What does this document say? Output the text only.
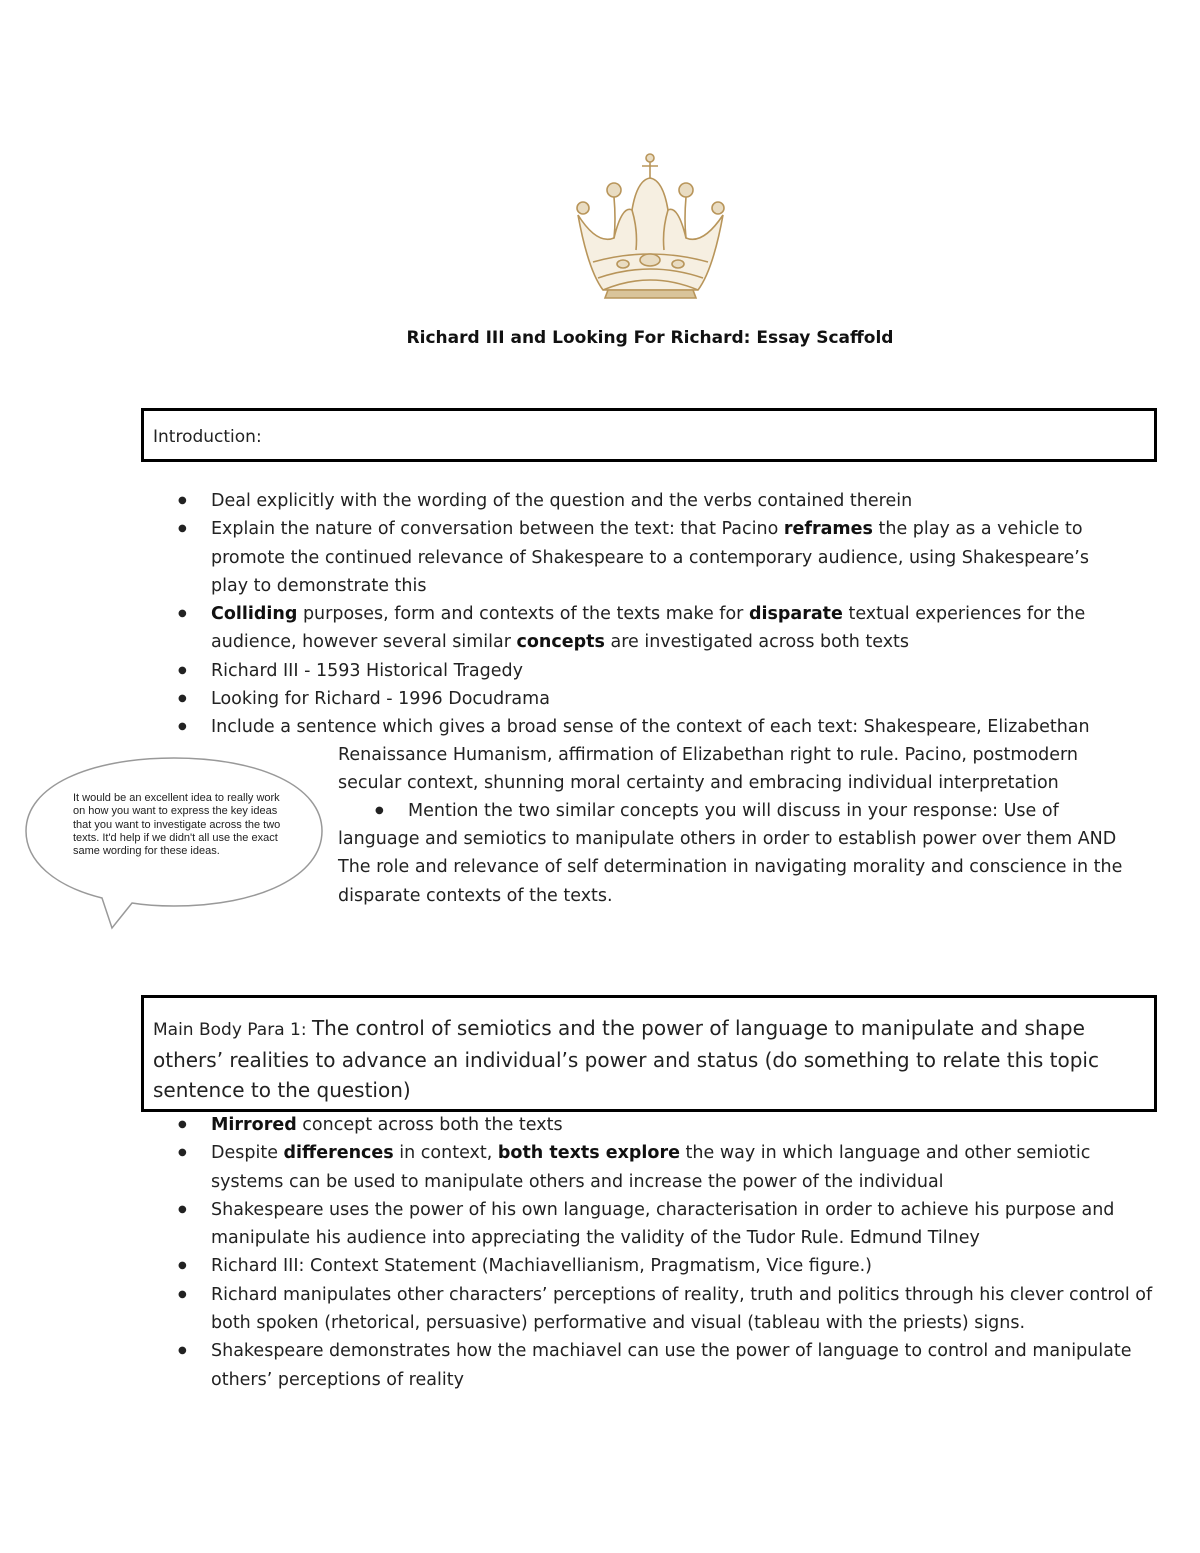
Richard III and Looking For Richard: Essay Scaffold
Introduction:
● Deal explicitly with the wording of the question and the verbs contained therein
● Explain the nature of conversation between the text: that Pacino reframes the play as a vehicle to promote the continued relevance of Shakespeare to a contemporary audience, using Shakespeare’s play to demonstrate this
● Colliding purposes, form and contexts of the texts make for disparate textual experiences for the audience, however several similar concepts are investigated across both texts
● Richard III - 1593 Historical Tragedy
● Looking for Richard - 1996 Docudrama
● Include a sentence which gives a broad sense of the context of each text: Shakespeare, Elizabethan
Renaissance Humanism, affirmation of Elizabethan right to rule. Pacino, postmodern
secular context, shunning moral certainty and embracing individual interpretation
● Mention the two similar concepts you will discuss in your response: Use of
language and semiotics to manipulate others in order to establish power over them AND
The role and relevance of self determination in navigating morality and conscience in the
disparate contexts of the texts.
It would be an excellent idea to really work on how you want to express the key ideas that you want to investigate across the two texts. It'd help if we didn't all use the exact same wording for these ideas.
Main Body Para 1: The control of semiotics and the power of language to manipulate and shape others’ realities to advance an individual’s power and status (do something to relate this topic sentence to the question)
● Mirrored concept across both the texts
● Despite differences in context, both texts explore the way in which language and other semiotic systems can be used to manipulate others and increase the power of the individual
● Shakespeare uses the power of his own language, characterisation in order to achieve his purpose and manipulate his audience into appreciating the validity of the Tudor Rule. Edmund Tilney
● Richard III: Context Statement (Machiavellianism, Pragmatism, Vice figure.)
● Richard manipulates other characters’ perceptions of reality, truth and politics through his clever control of both spoken (rhetorical, persuasive) performative and visual (tableau with the priests) signs.
● Shakespeare demonstrates how the machiavel can use the power of language to control and manipulate others’ perceptions of reality
